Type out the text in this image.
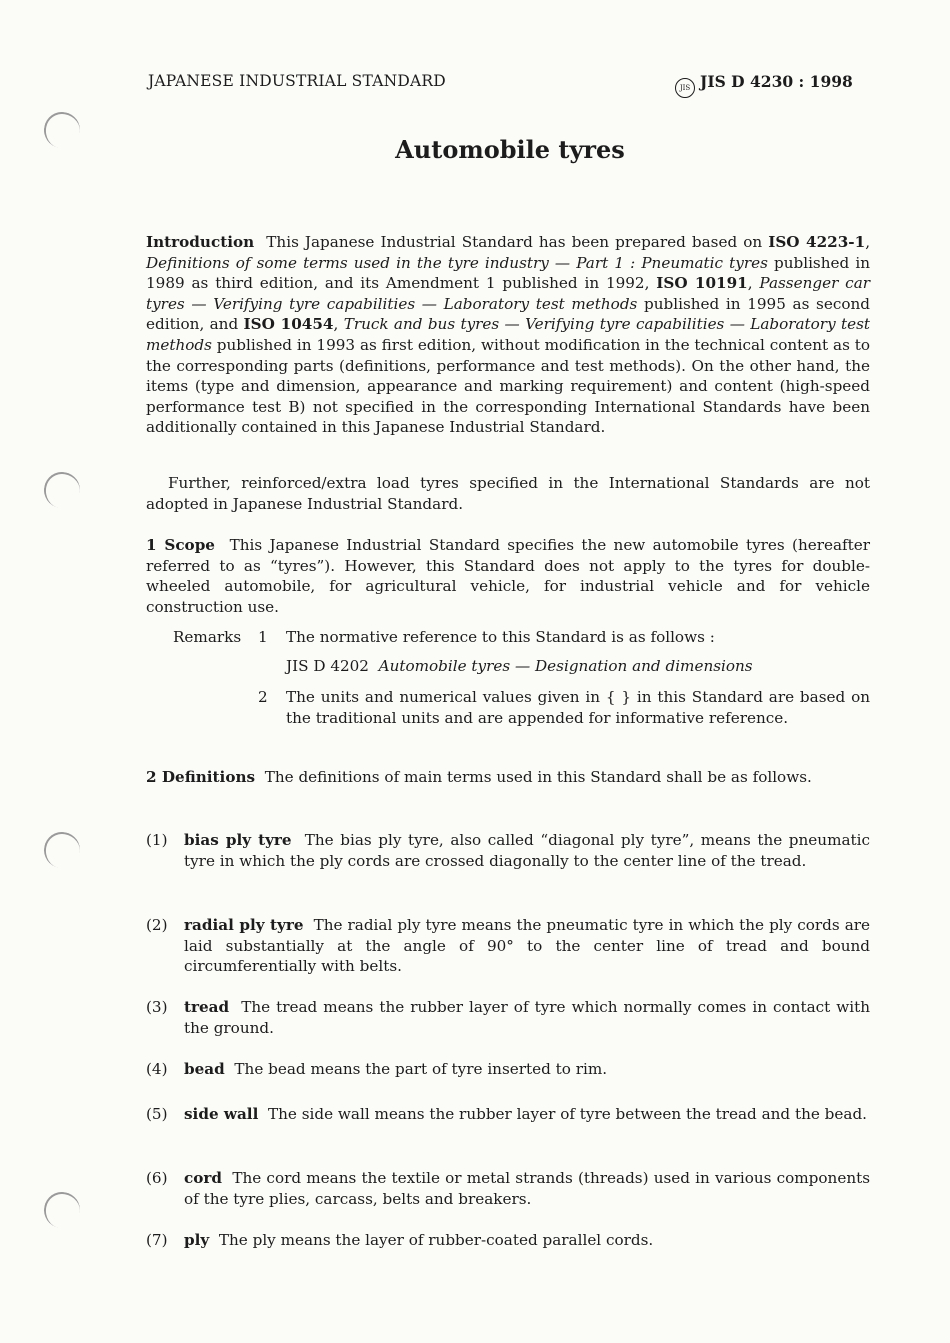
JAPANESE INDUSTRIAL STANDARD	JIS JIS D 4230 : 1998
Automobile tyres
Introduction This Japanese Industrial Standard has been prepared based on ISO 4223-1, Definitions of some terms used in the tyre industry — Part 1 : Pneumatic tyres published in 1989 as third edition, and its Amendment 1 published in 1992, ISO 10191, Passenger car tyres — Verifying tyre capabilities — Laboratory test methods published in 1995 as second edition, and ISO 10454, Truck and bus tyres — Verifying tyre capabilities — Laboratory test methods published in 1993 as first edition, without modification in the technical content as to the corresponding parts (definitions, performance and test methods). On the other hand, the items (type and dimension, appearance and marking requirement) and content (high-speed performance test B) not specified in the corresponding International Standards have been additionally contained in this Japanese Industrial Standard.
Further, reinforced/extra load tyres specified in the International Standards are not adopted in Japanese Industrial Standard.
1 Scope This Japanese Industrial Standard specifies the new automobile tyres (hereafter referred to as “tyres”). However, this Standard does not apply to the tyres for double-wheeled automobile, for agricultural vehicle, for industrial vehicle and for vehicle construction use.
Remarks 1 The normative reference to this Standard is as follows :
JIS D 4202 Automobile tyres — Designation and dimensions
2 The units and numerical values given in { } in this Standard are based on the traditional units and are appended for informative reference.
2 Definitions The definitions of main terms used in this Standard shall be as follows.
(1) bias ply tyre The bias ply tyre, also called “diagonal ply tyre”, means the pneumatic tyre in which the ply cords are crossed diagonally to the center line of the tread.
(2) radial ply tyre The radial ply tyre means the pneumatic tyre in which the ply cords are laid substantially at the angle of 90° to the center line of tread and bound circumferentially with belts.
(3) tread The tread means the rubber layer of tyre which normally comes in contact with the ground.
(4) bead The bead means the part of tyre inserted to rim.
(5) side wall The side wall means the rubber layer of tyre between the tread and the bead.
(6) cord The cord means the textile or metal strands (threads) used in various components of the tyre plies, carcass, belts and breakers.
(7) ply The ply means the layer of rubber-coated parallel cords.
